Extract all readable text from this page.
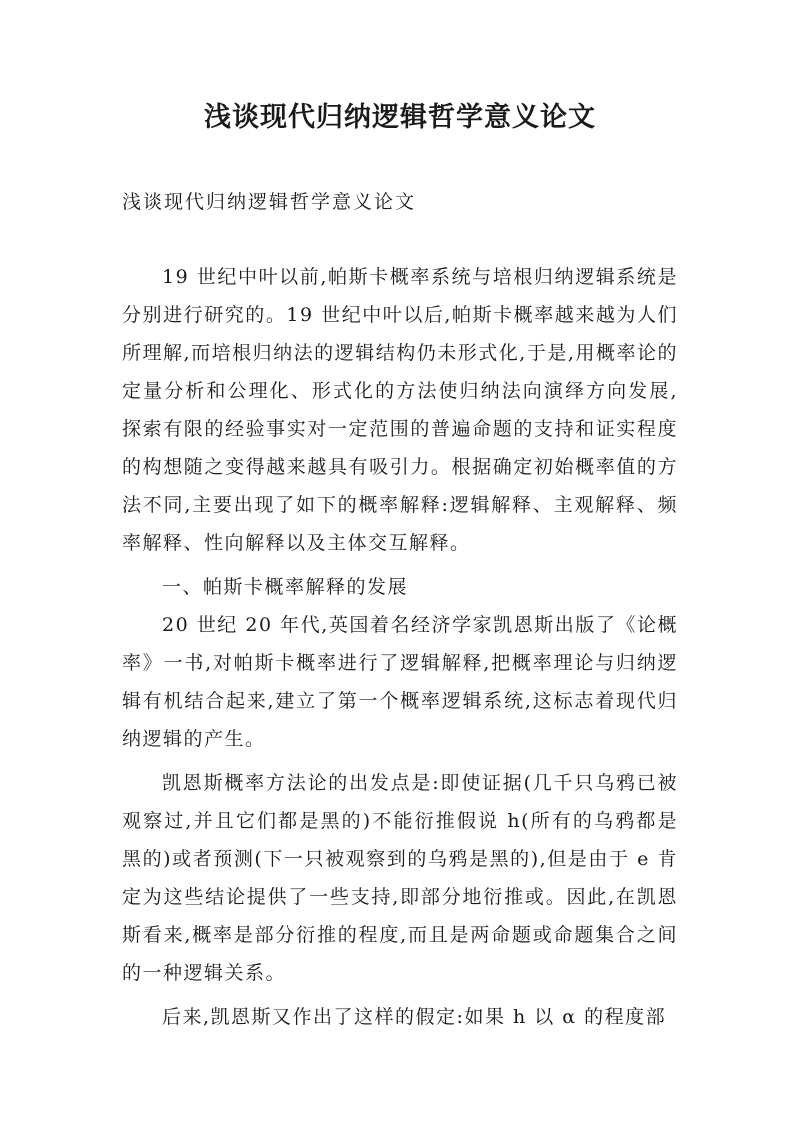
浅谈现代归纳逻辑哲学意义论文

浅谈现代归纳逻辑哲学意义论文

19 世纪中叶以前,帕斯卡概率系统与培根归纳逻辑系统是分别进行研究的。19 世纪中叶以后,帕斯卡概率越来越为人们所理解,而培根归纳法的逻辑结构仍未形式化,于是,用概率论的定量分析和公理化、形式化的方法使归纳法向演绎方向发展,探索有限的经验事实对一定范围的普遍命题的支持和证实程度的构想随之变得越来越具有吸引力。根据确定初始概率值的方法不同,主要出现了如下的概率解释:逻辑解释、主观解释、频率解释、性向解释以及主体交互解释。

一、帕斯卡概率解释的发展

20 世纪 20 年代,英国着名经济学家凯恩斯出版了《论概率》一书,对帕斯卡概率进行了逻辑解释,把概率理论与归纳逻辑有机结合起来,建立了第一个概率逻辑系统,这标志着现代归纳逻辑的产生。

凯恩斯概率方法论的出发点是:即使证据(几千只乌鸦已被观察过,并且它们都是黑的)不能衍推假说 h(所有的乌鸦都是黑的)或者预测(下一只被观察到的乌鸦是黑的),但是由于 e 肯定为这些结论提供了一些支持,即部分地衍推或。因此,在凯恩斯看来,概率是部分衍推的程度,而且是两命题或命题集合之间的一种逻辑关系。

后来,凯恩斯又作出了这样的假定:如果 h 以 α 的程度部
